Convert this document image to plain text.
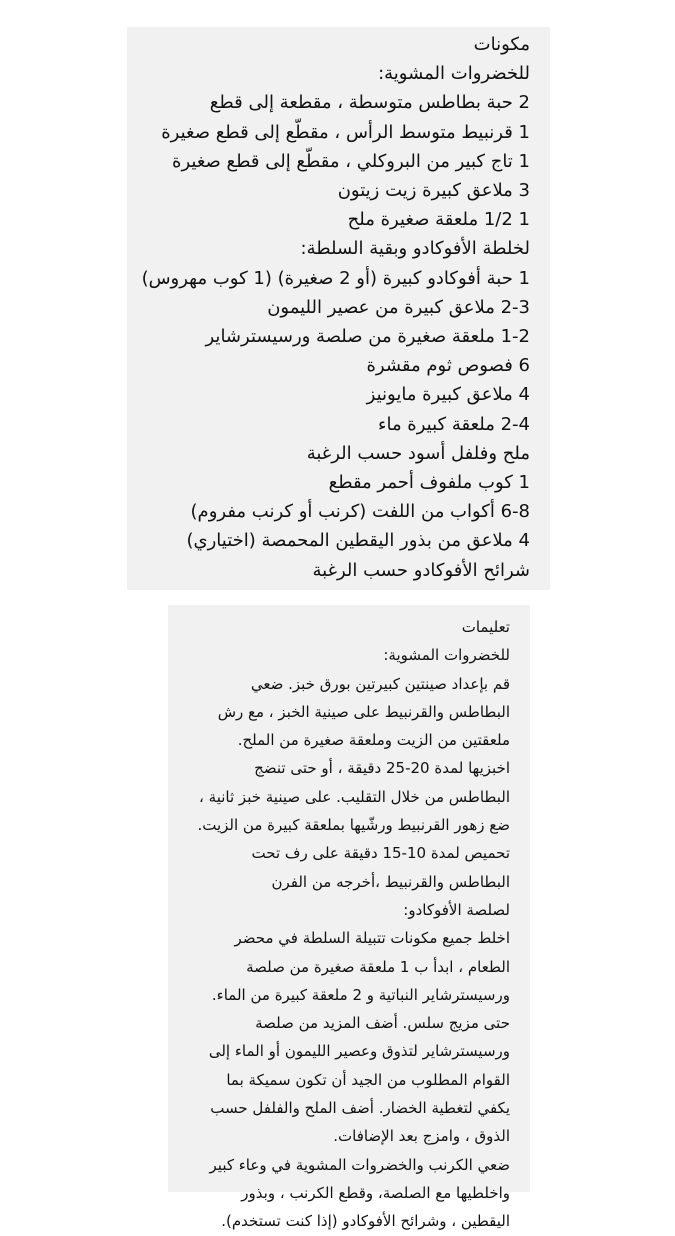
مكونات
للخضروات المشوية:
2 حبة بطاطس متوسطة ، مقطعة إلى قطع
1 قرنبيط متوسط الرأس ، مقطّع إلى قطع صغيرة
1 تاج كبير من البروكلي ، مقطّع إلى قطع صغيرة
3 ملاعق كبيرة زيت زيتون
1 1/2 ملعقة صغيرة ملح
لخلطة الأفوكادو وبقية السلطة:
1 حبة أفوكادو كبيرة (أو 2 صغيرة) (1 كوب مهروس)
2-3 ملاعق كبيرة من عصير الليمون
1-2 ملعقة صغيرة من صلصة ورسيسترشاير
6 فصوص ثوم مقشرة
4 ملاعق كبيرة مايونيز
2-4 ملعقة كبيرة ماء
ملح وفلفل أسود حسب الرغبة
1 كوب ملفوف أحمر مقطع
6-8 أكواب من اللفت (كرنب أو كرنب مفروم)
4 ملاعق من بذور اليقطين المحمصة (اختياري)
شرائح الأفوكادو حسب الرغبة
تعليمات
للخضروات المشوية:
قم بإعداد صينتين كبيرتين بورق خبز. ضعي
البطاطس والقرنبيط على صينية الخبز ، مع رش
ملعقتين من الزيت وملعقة صغيرة من الملح.
اخبزيها لمدة 20-25 دقيقة ، أو حتى تنضج
البطاطس من خلال التقليب. على صينية خبز ثانية ،
ضع زهور القرنبيط ورشّيها بملعقة كبيرة من الزيت.
تحميص لمدة 10-15 دقيقة على رف تحت
البطاطس والقرنبيط ،أخرجه من الفرن
لصلصة الأفوكادو:
اخلط جميع مكونات تتبيلة السلطة في محضر
الطعام ، ابدأ ب 1 ملعقة صغيرة من صلصة
ورسيسترشاير النباتية و 2 ملعقة كبيرة من الماء.
حتى مزيج سلس. أضف المزيد من صلصة
ورسيسترشاير لتذوق وعصير الليمون أو الماء إلى
القوام المطلوب من الجيد أن تكون سميكة بما
يكفي لتغطية الخضار. أضف الملح والفلفل حسب
الذوق ، وامزج بعد الإضافات.
ضعي الكرنب والخضروات المشوية في وعاء كبير
واخلطيها مع الصلصة، وقطع الكرنب ، وبذور
اليقطين ، وشرائح الأفوكادو (إذا كنت تستخدم).
